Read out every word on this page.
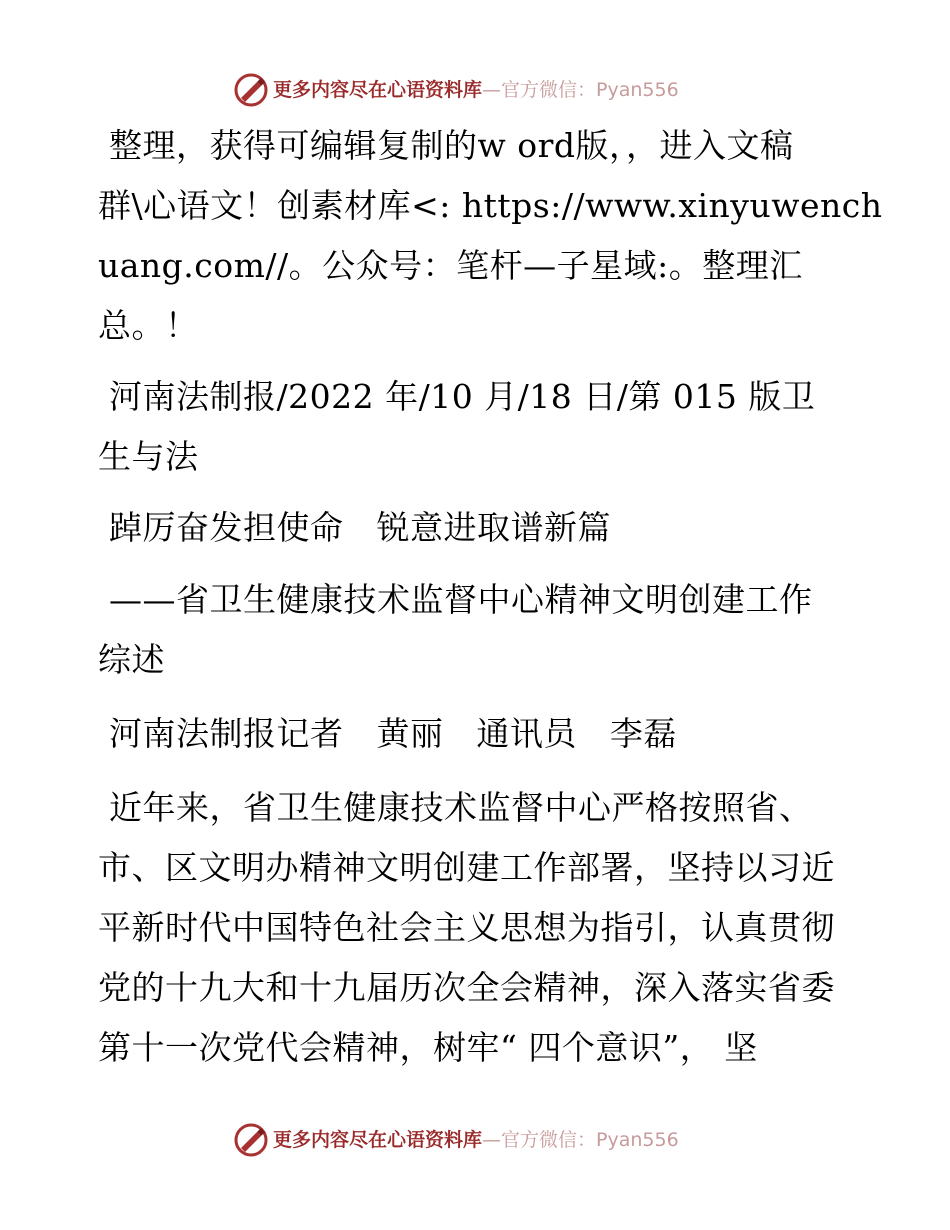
更多内容尽在心语资料库—官方微信：Pyan556
整理，获得可编辑复制的w ord版，，进入文稿
群\心语文！创素材库<: https://www.xinyuwench
uang.com//。公众号：笔杆—子星域:。整理汇
总。！
河南法制报/2022 年/10 月/18 日/第 015 版卫
生与法
踔厉奋发担使命   锐意进取谱新篇
——省卫生健康技术监督中心精神文明创建工作
综述
河南法制报记者   黄丽   通讯员   李磊
近年来，省卫生健康技术监督中心严格按照省、
市、区文明办精神文明创建工作部署，坚持以习近
平新时代中国特色社会主义思想为指引，认真贯彻
党的十九大和十九届历次全会精神，深入落实省委
第十一次党代会精神，树牢“ 四个意识”， 坚
更多内容尽在心语资料库—官方微信：Pyan556
